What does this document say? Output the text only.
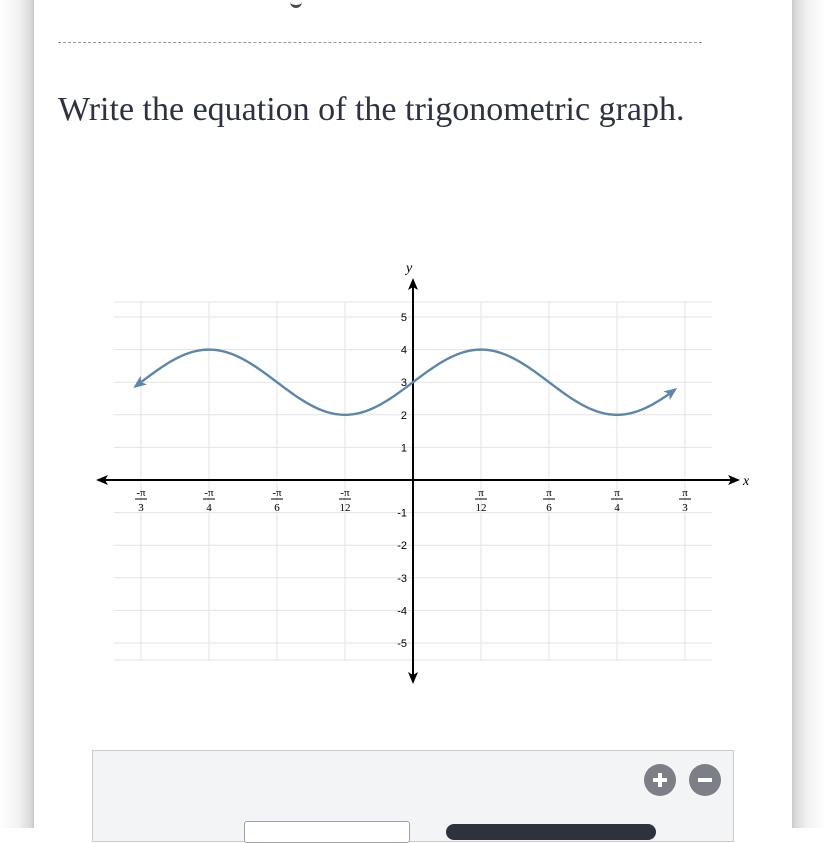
Write the equation of the trigonometric graph.
x
y
-π
3
-π
4
-π
6
-π
12
π
12
π
6
π
4
π
3
5
4
3
2
1
-1
-2
-3
-4
-5
